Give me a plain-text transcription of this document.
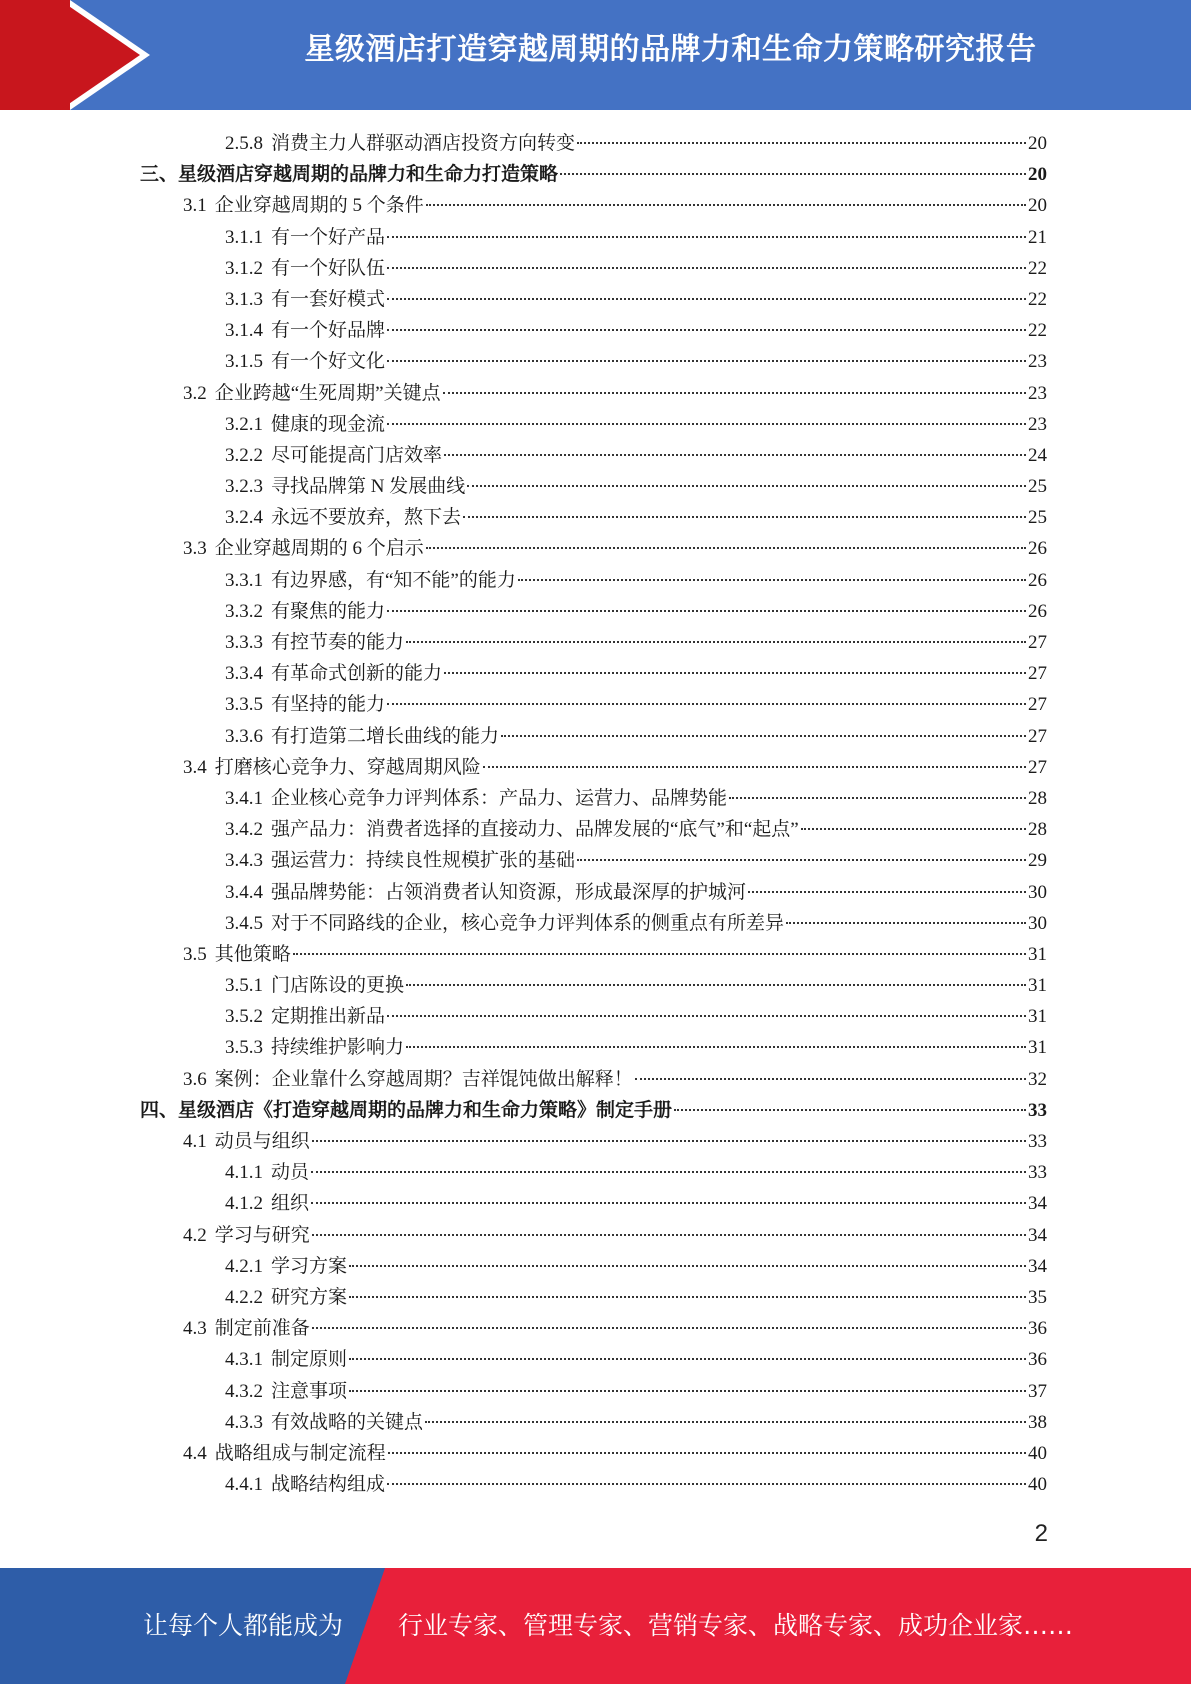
星级酒店打造穿越周期的品牌力和生命力策略研究报告
2.5.8 消费主力人群驱动酒店投资方向转变	20
三、星级酒店穿越周期的品牌力和生命力打造策略	20
3.1 企业穿越周期的 5 个条件	20
3.1.1 有一个好产品	21
3.1.2 有一个好队伍	22
3.1.3 有一套好模式	22
3.1.4 有一个好品牌	22
3.1.5 有一个好文化	23
3.2 企业跨越“生死周期”关键点	23
3.2.1 健康的现金流	23
3.2.2 尽可能提高门店效率	24
3.2.3 寻找品牌第 N 发展曲线	25
3.2.4 永远不要放弃，熬下去	25
3.3 企业穿越周期的 6 个启示	26
3.3.1 有边界感，有“知不能”的能力	26
3.3.2 有聚焦的能力	26
3.3.3 有控节奏的能力	27
3.3.4 有革命式创新的能力	27
3.3.5 有坚持的能力	27
3.3.6 有打造第二增长曲线的能力	27
3.4 打磨核心竞争力、穿越周期风险	27
3.4.1 企业核心竞争力评判体系：产品力、运营力、品牌势能	28
3.4.2 强产品力：消费者选择的直接动力、品牌发展的“底气”和“起点”	28
3.4.3 强运营力：持续良性规模扩张的基础	29
3.4.4 强品牌势能：占领消费者认知资源，形成最深厚的护城河	30
3.4.5 对于不同路线的企业，核心竞争力评判体系的侧重点有所差异	30
3.5 其他策略	31
3.5.1 门店陈设的更换	31
3.5.2 定期推出新品	31
3.5.3 持续维护影响力	31
3.6 案例：企业靠什么穿越周期？吉祥馄饨做出解释！	32
四、星级酒店《打造穿越周期的品牌力和生命力策略》制定手册	33
4.1 动员与组织	33
4.1.1 动员	33
4.1.2 组织	34
4.2 学习与研究	34
4.2.1 学习方案	34
4.2.2 研究方案	35
4.3 制定前准备	36
4.3.1 制定原则	36
4.3.2 注意事项	37
4.3.3 有效战略的关键点	38
4.4 战略组成与制定流程	40
4.4.1 战略结构组成	40
2
让每个人都能成为 行业专家、管理专家、营销专家、战略专家、成功企业家……
